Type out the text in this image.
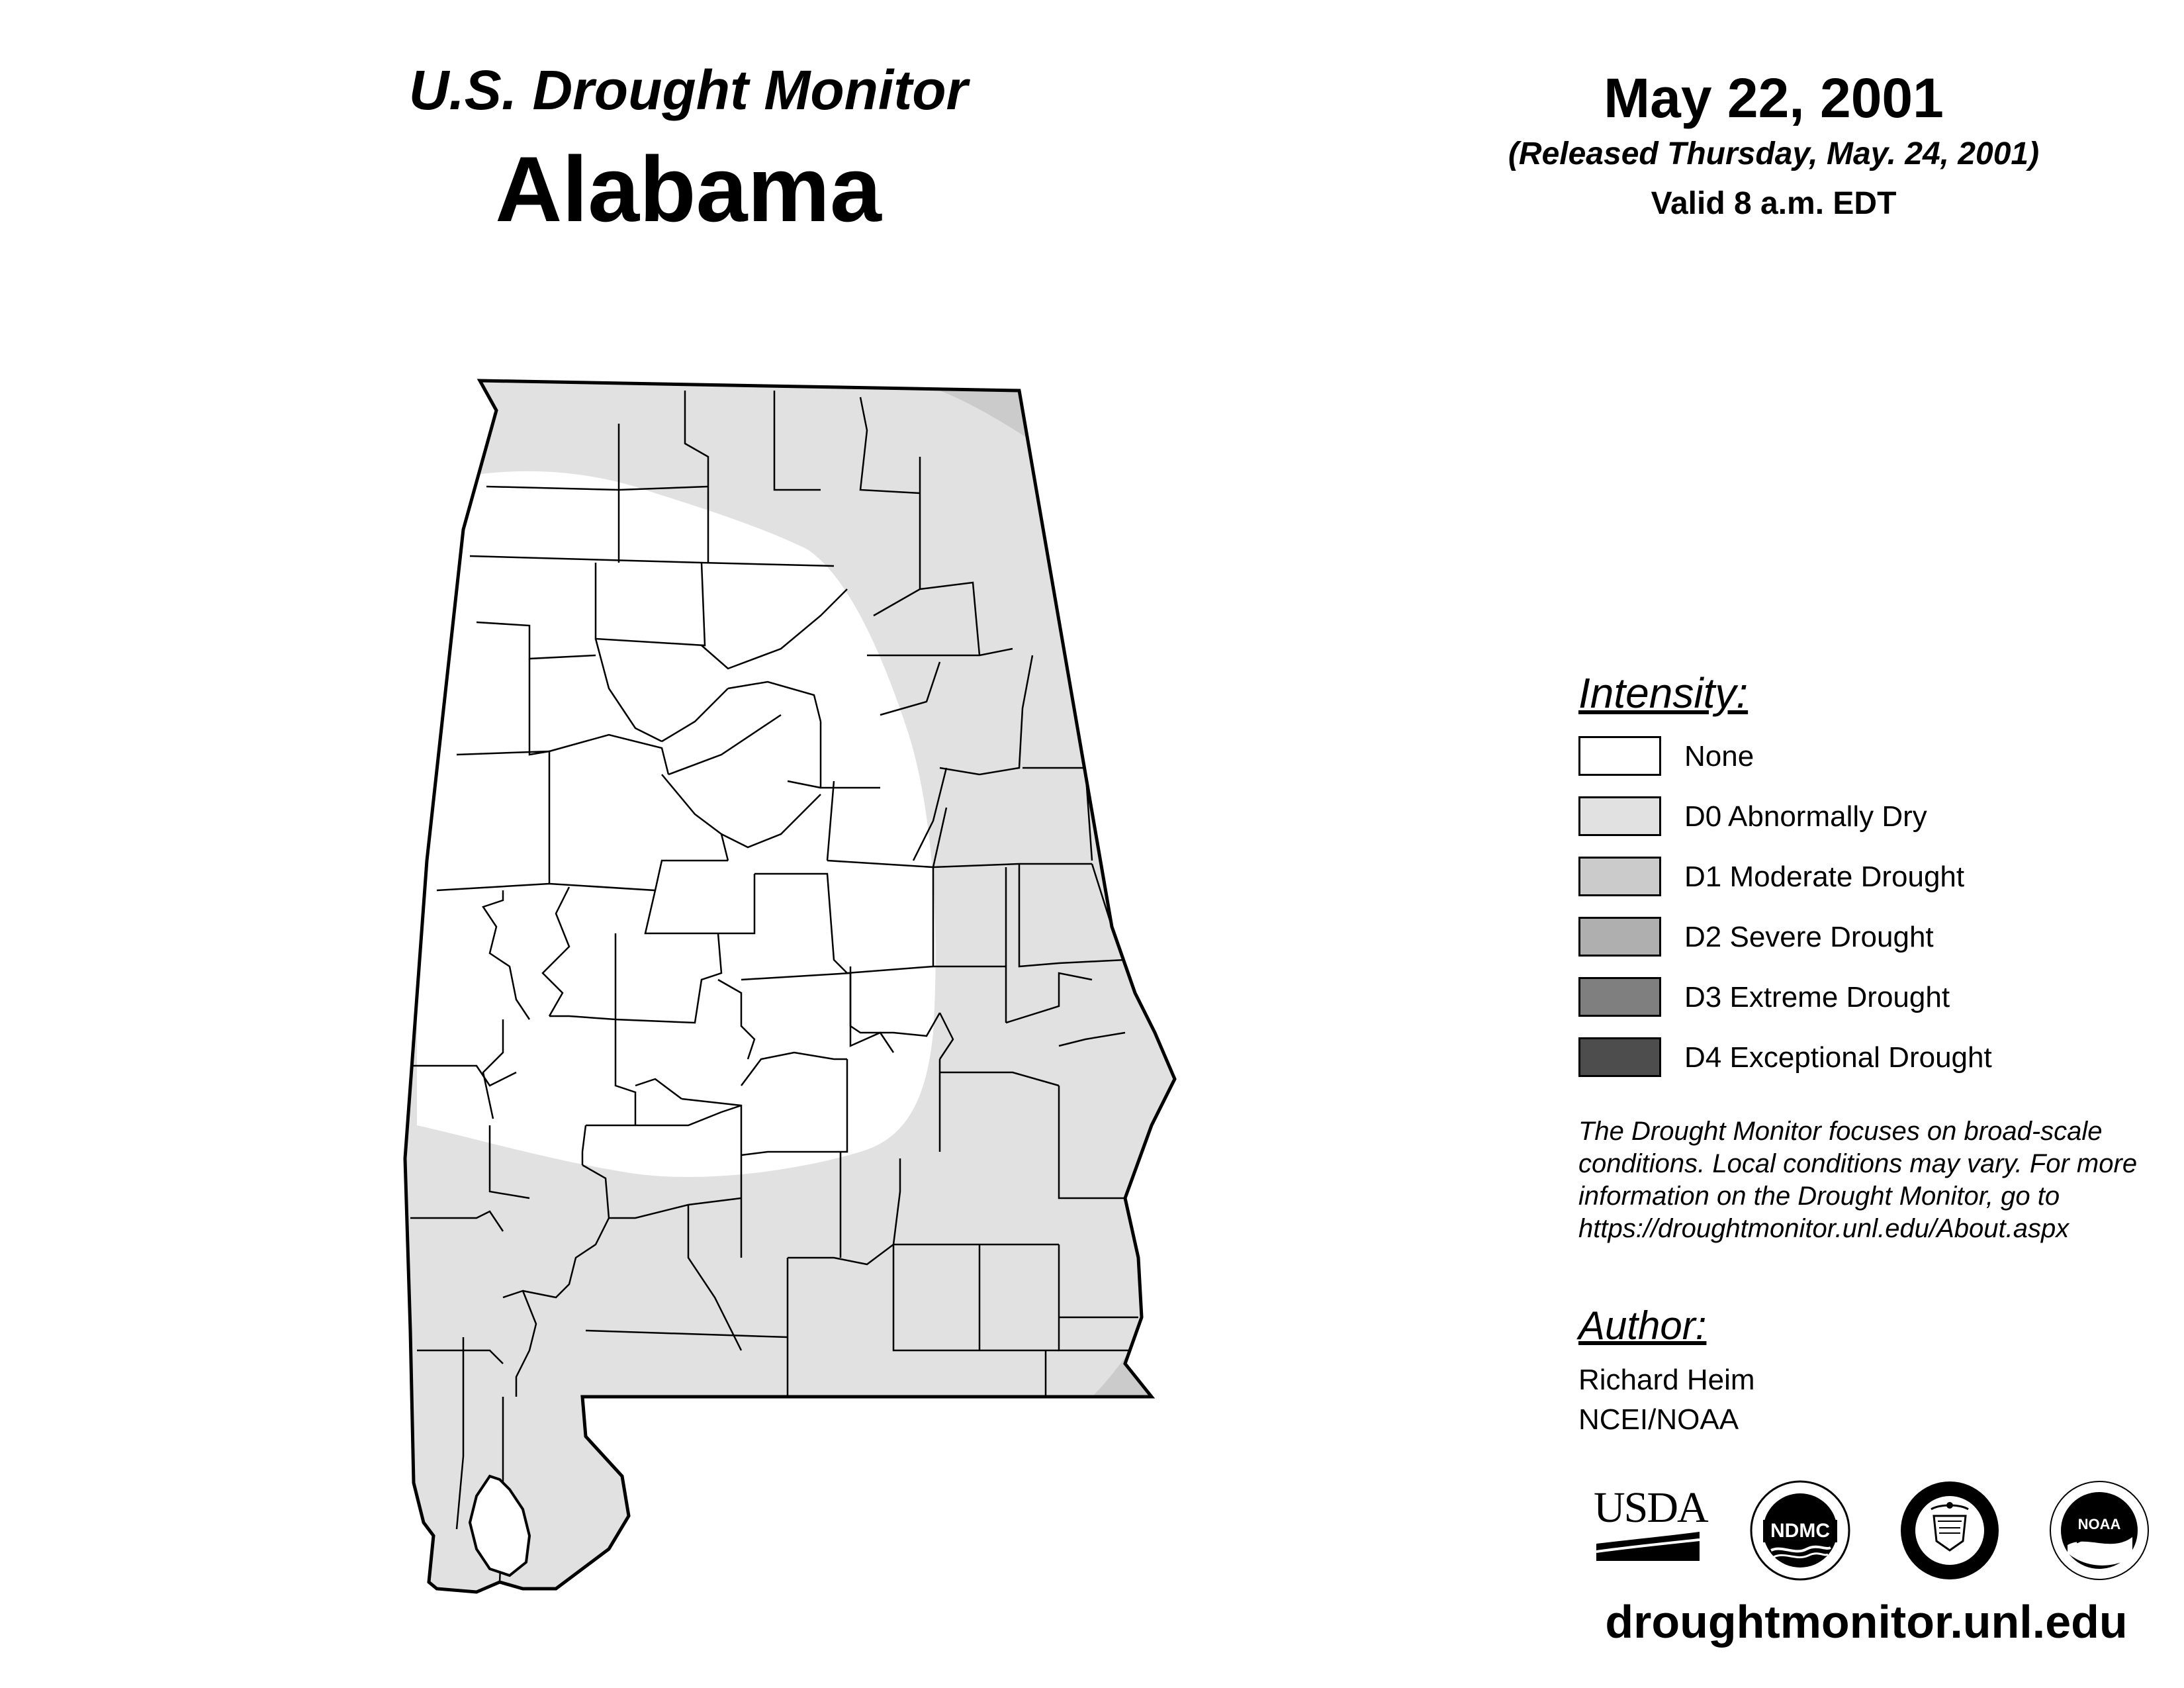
U.S. Drought Monitor
Alabama
May 22, 2001
(Released Thursday, May. 24, 2001)
Valid 8 a.m. EDT
Intensity:
None
D0 Abnormally Dry
D1 Moderate Drought
D2 Severe Drought
D3 Extreme Drought
D4 Exceptional Drought
The Drought Monitor focuses on broad-scale
conditions. Local conditions may vary. For more
information on the Drought Monitor, go to
https://droughtmonitor.unl.edu/About.aspx
Author:
Richard Heim
NCEI/NOAA
USDA	NDMC	NOAA
droughtmonitor.unl.edu
